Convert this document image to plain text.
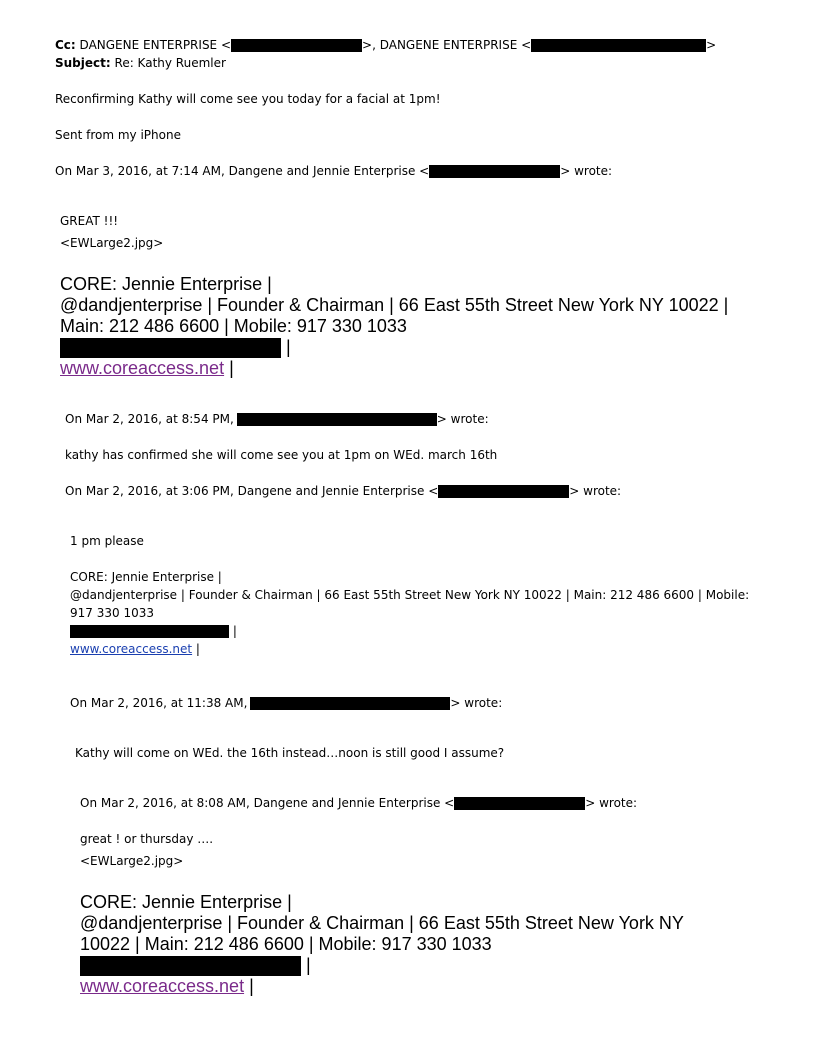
Cc: DANGENE ENTERPRISE <	>, DANGENE ENTERPRISE <	>
Subject: Re: Kathy Ruemler
Reconfirming Kathy will come see you today for a facial at 1pm!
Sent from my iPhone
On Mar 3, 2016, at 7:14 AM, Dangene and Jennie Enterprise <	> wrote:
GREAT !!!
<EWLarge2.jpg>
CORE: Jennie Enterprise |
@dandjenterprise | Founder & Chairman | 66 East 55th Street New York NY 10022 |
Main: 212 486 6600 | Mobile: 917 330 1033
|
www.coreaccess.net |
On Mar 2, 2016, at 8:54 PM,	> wrote:
kathy has confirmed she will come see you at 1pm on WEd. march 16th
On Mar 2, 2016, at 3:06 PM, Dangene and Jennie Enterprise <	> wrote:
1 pm please
CORE: Jennie Enterprise |
@dandjenterprise | Founder & Chairman | 66 East 55th Street New York NY 10022 | Main: 212 486 6600 | Mobile:
917 330 1033
|
www.coreaccess.net |
On Mar 2, 2016, at 11:38 AM,	> wrote:
Kathy will come on WEd. the 16th instead…noon is still good I assume?
On Mar 2, 2016, at 8:08 AM, Dangene and Jennie Enterprise <	> wrote:
great ! or thursday ….
<EWLarge2.jpg>
CORE: Jennie Enterprise |
@dandjenterprise | Founder & Chairman | 66 East 55th Street New York NY
10022 | Main: 212 486 6600 | Mobile: 917 330 1033
|
www.coreaccess.net |
